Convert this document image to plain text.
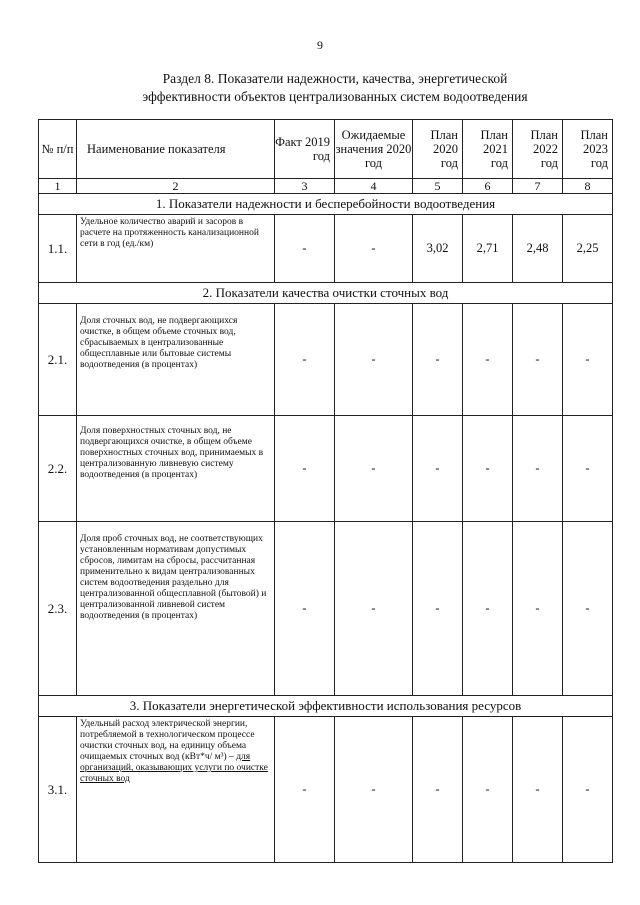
9
Раздел 8. Показатели надежности, качества, энергетической
эффективности объектов централизованных систем водоотведения
№ п/п	Наименование показателя	Факт 2019 год	Ожидаемые значения 2020 год	План 2020 год	План 2021 год	План 2022 год	План 2023 год
1	2	3	4	5	6	7	8
1. Показатели надежности и бесперебойности водоотведения							
1.1.	Удельное количество аварий и засоров в расчете на протяженность канализационной сети в год (ед./км)	-	-	3,02	2,71	2,48	2,25
2. Показатели качества очистки сточных вод							
2.1.	Доля сточных вод, не подвергающихся очистке, в общем объеме сточных вод, сбрасываемых в централизованные общесплавные или бытовые системы водоотведения (в процентах)	-	-	-	-	-	-
2.2.	Доля поверхностных сточных вод, не подвергающихся очистке, в общем объеме поверхностных сточных вод, принимаемых в централизованную ливневую систему водоотведения (в процентах)	-	-	-	-	-	-
2.3.	Доля проб сточных вод, не соответствующих установленным нормативам допустимых сбросов, лимитам на сбросы, рассчитанная применительно к видам централизованных систем водоотведения раздельно для централизованной общесплавной (бытовой) и централизованной ливневой систем водоотведения (в процентах)	-	-	-	-	-	-
3. Показатели энергетической эффективности использования ресурсов							
3.1.	Удельный расход электрической энергии, потребляемой в технологическом процессе очистки сточных вод, на единицу объема очищаемых сточных вод (кВт*ч/ м³) – для организаций, оказывающих услуги по очистке сточных вод	-	-	-	-	-	-
